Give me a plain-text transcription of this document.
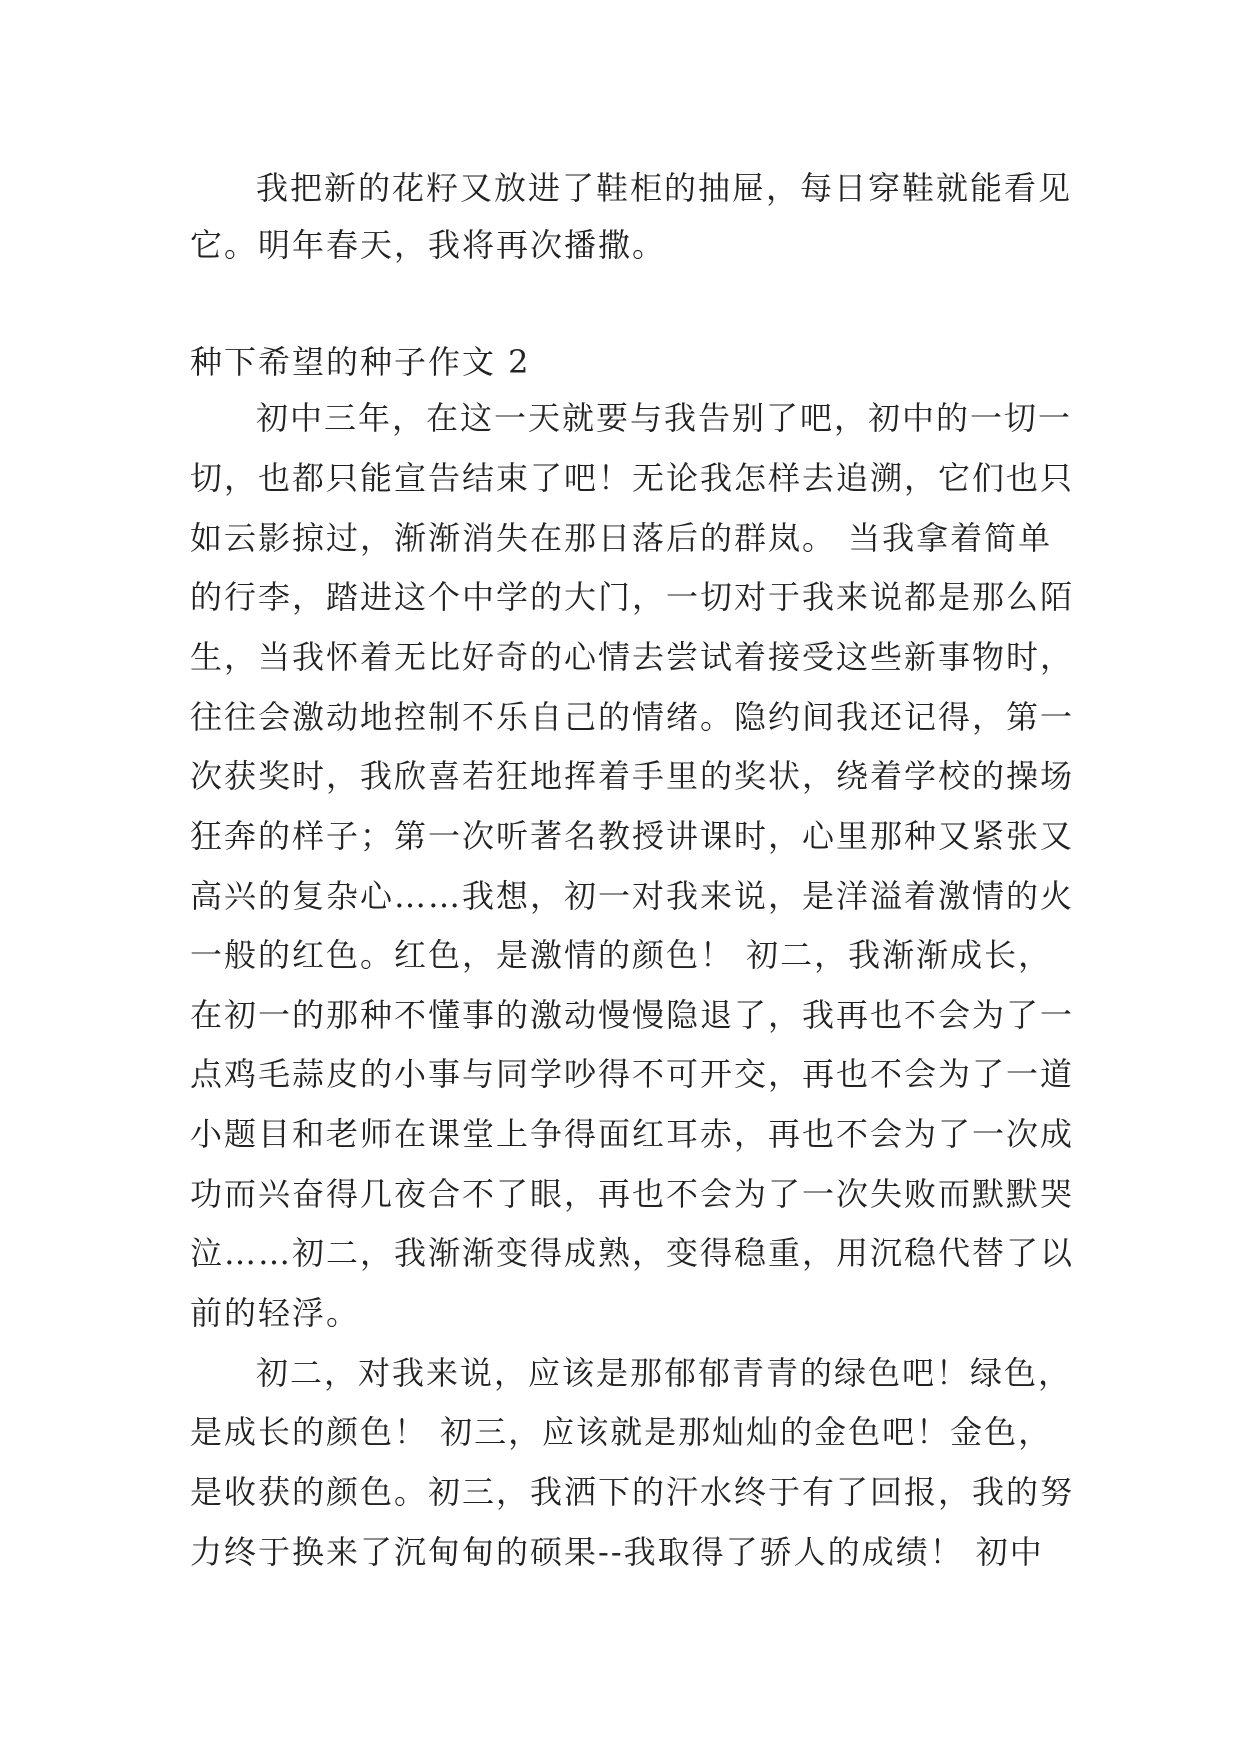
我把新的花籽又放进了鞋柜的抽屉，每日穿鞋就能看见
它。明年春天，我将再次播撒。
种下希望的种子作文 2
初中三年，在这一天就要与我告别了吧，初中的一切一
切，也都只能宣告结束了吧！无论我怎样去追溯，它们也只
如云影掠过，渐渐消失在那日落后的群岚。 当我拿着简单
的行李，踏进这个中学的大门，一切对于我来说都是那么陌
生，当我怀着无比好奇的心情去尝试着接受这些新事物时，
往往会激动地控制不乐自己的情绪。隐约间我还记得，第一
次获奖时，我欣喜若狂地挥着手里的奖状，绕着学校的操场
狂奔的样子；第一次听著名教授讲课时，心里那种又紧张又
高兴的复杂心……我想，初一对我来说，是洋溢着激情的火
一般的红色。红色，是激情的颜色！ 初二，我渐渐成长，
在初一的那种不懂事的激动慢慢隐退了，我再也不会为了一
点鸡毛蒜皮的小事与同学吵得不可开交，再也不会为了一道
小题目和老师在课堂上争得面红耳赤，再也不会为了一次成
功而兴奋得几夜合不了眼，再也不会为了一次失败而默默哭
泣……初二，我渐渐变得成熟，变得稳重，用沉稳代替了以
前的轻浮。
初二，对我来说，应该是那郁郁青青的绿色吧！绿色，
是成长的颜色！ 初三，应该就是那灿灿的金色吧！金色，
是收获的颜色。初三，我洒下的汗水终于有了回报，我的努
力终于换来了沉甸甸的硕果--我取得了骄人的成绩！ 初中
